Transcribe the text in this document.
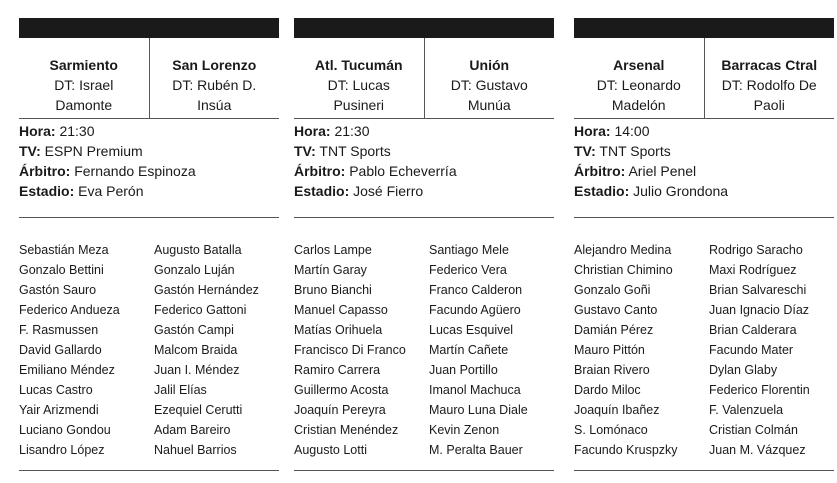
Sarmiento
DT: Israel
Damonte
San Lorenzo
DT: Rubén D.
Insúa
Hora: 21:30
TV: ESPN Premium
Árbitro: Fernando Espinoza
Estadio: Eva Perón
Sebastián Meza
Gonzalo Bettini
Gastón Sauro
Federico Andueza
F. Rasmussen
David Gallardo
Emiliano Méndez
Lucas Castro
Yair Arizmendi
Luciano Gondou
Lisandro López
Augusto Batalla
Gonzalo Luján
Gastón Hernández
Federico Gattoni
Gastón Campi
Malcom Braida
Juan I. Méndez
Jalil Elías
Ezequiel Cerutti
Adam Bareiro
Nahuel Barrios
Atl. Tucumán
DT: Lucas
Pusineri
Unión
DT: Gustavo
Munúa
Hora: 21:30
TV: TNT Sports
Árbitro: Pablo Echeverría
Estadio: José Fierro
Carlos Lampe
Martín Garay
Bruno Bianchi
Manuel Capasso
Matías Orihuela
Francisco Di Franco
Ramiro Carrera
Guillermo Acosta
Joaquín Pereyra
Cristian Menéndez
Augusto Lotti
Santiago Mele
Federico Vera
Franco Calderon
Facundo Agüero
Lucas Esquivel
Martín Cañete
Juan Portillo
Imanol Machuca
Mauro Luna Diale
Kevin Zenon
M. Peralta Bauer
Arsenal
DT: Leonardo
Madelón
Barracas Ctral
DT: Rodolfo De
Paoli
Hora: 14:00
TV: TNT Sports
Árbitro: Ariel Penel
Estadio: Julio Grondona
Alejandro Medina
Christian Chimino
Gonzalo Goñi
Gustavo Canto
Damián Pérez
Mauro Pittón
Braian Rivero
Dardo Miloc
Joaquín Ibañez
S. Lomónaco
Facundo Kruspzky
Rodrigo Saracho
Maxi Rodríguez
Brian Salvareschi
Juan Ignacio Díaz
Brian Calderara
Facundo Mater
Dylan Glaby
Federico Florentin
F. Valenzuela
Cristian Colmán
Juan M. Vázquez
